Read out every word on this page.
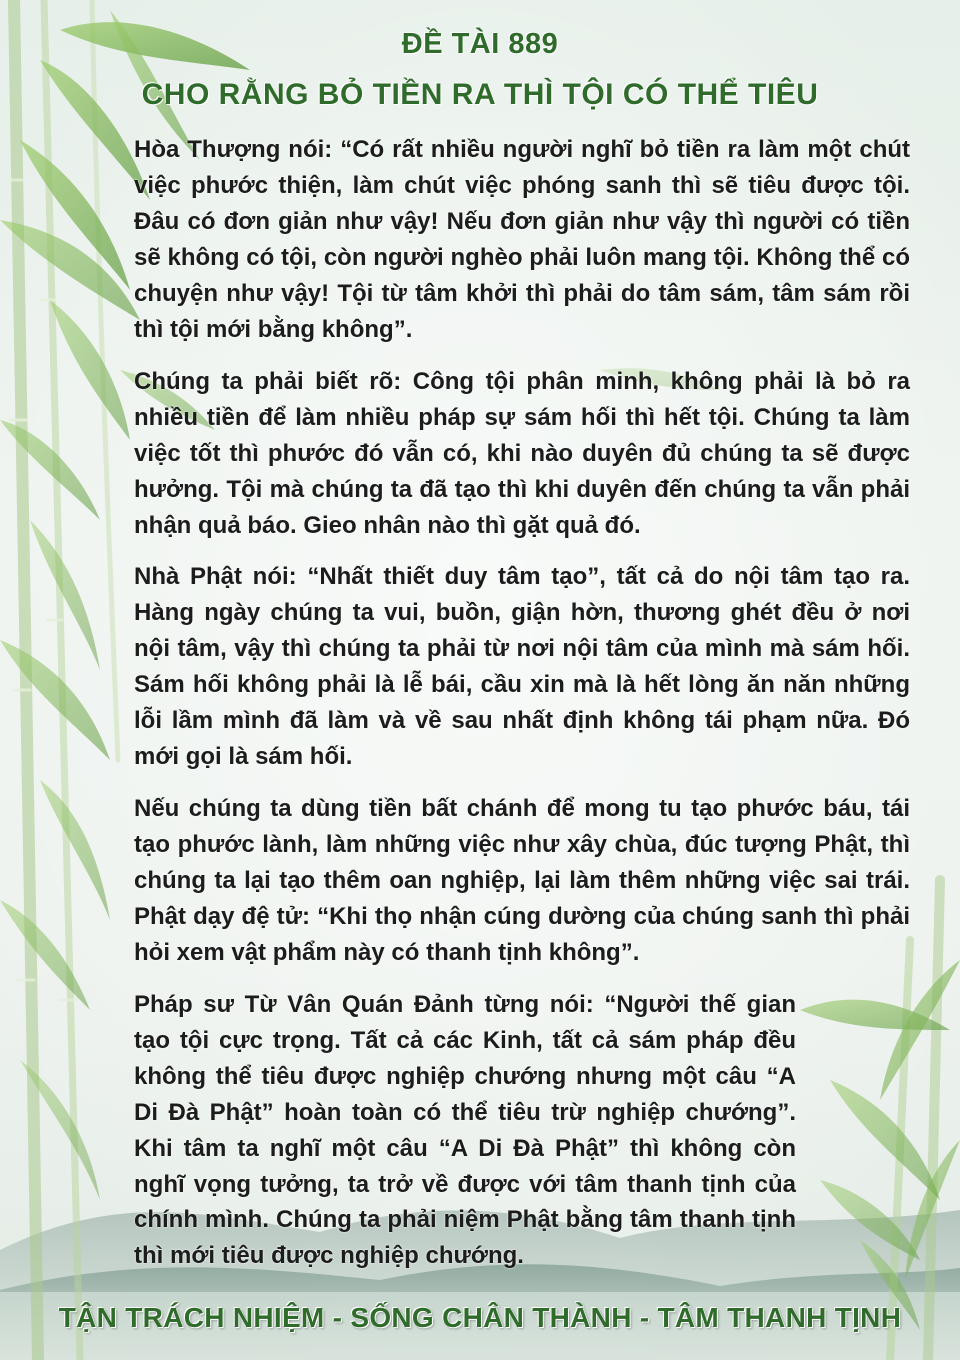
ĐỀ TÀI 889
CHO RẰNG BỎ TIỀN RA THÌ TỘI CÓ THỂ TIÊU

Hòa Thượng nói: “Có rất nhiều người nghĩ bỏ tiền ra làm một chút việc phước thiện, làm chút việc phóng sanh thì sẽ tiêu được tội. Đâu có đơn giản như vậy! Nếu đơn giản như vậy thì người có tiền sẽ không có tội, còn người nghèo phải luôn mang tội. Không thể có chuyện như vậy! Tội từ tâm khởi thì phải do tâm sám, tâm sám rồi thì tội mới bằng không”.

Chúng ta phải biết rõ: Công tội phân minh, không phải là bỏ ra nhiều tiền để làm nhiều pháp sự sám hối thì hết tội. Chúng ta làm việc tốt thì phước đó vẫn có, khi nào duyên đủ chúng ta sẽ được hưởng. Tội mà chúng ta đã tạo thì khi duyên đến chúng ta vẫn phải nhận quả báo. Gieo nhân nào thì gặt quả đó.

Nhà Phật nói: “Nhất thiết duy tâm tạo”, tất cả do nội tâm tạo ra. Hàng ngày chúng ta vui, buồn, giận hờn, thương ghét đều ở nơi nội tâm, vậy thì chúng ta phải từ nơi nội tâm của mình mà sám hối. Sám hối không phải là lễ bái, cầu xin mà là hết lòng ăn năn những lỗi lầm mình đã làm và về sau nhất định không tái phạm nữa. Đó mới gọi là sám hối.

Nếu chúng ta dùng tiền bất chánh để mong tu tạo phước báu, tái tạo phước lành, làm những việc như xây chùa, đúc tượng Phật, thì chúng ta lại tạo thêm oan nghiệp, lại làm thêm những việc sai trái. Phật dạy đệ tử: “Khi thọ nhận cúng dường của chúng sanh thì phải hỏi xem vật phẩm này có thanh tịnh không”.

Pháp sư Từ Vân Quán Đảnh từng nói: “Người thế gian tạo tội cực trọng. Tất cả các Kinh, tất cả sám pháp đều không thể tiêu được nghiệp chướng nhưng một câu “A Di Đà Phật” hoàn toàn có thể tiêu trừ nghiệp chướng”. Khi tâm ta nghĩ một câu “A Di Đà Phật” thì không còn nghĩ vọng tưởng, ta trở về được với tâm thanh tịnh của chính mình. Chúng ta phải niệm Phật bằng tâm thanh tịnh thì mới tiêu được nghiệp chướng.

TẬN TRÁCH NHIỆM - SỐNG CHÂN THÀNH - TÂM THANH TỊNH
